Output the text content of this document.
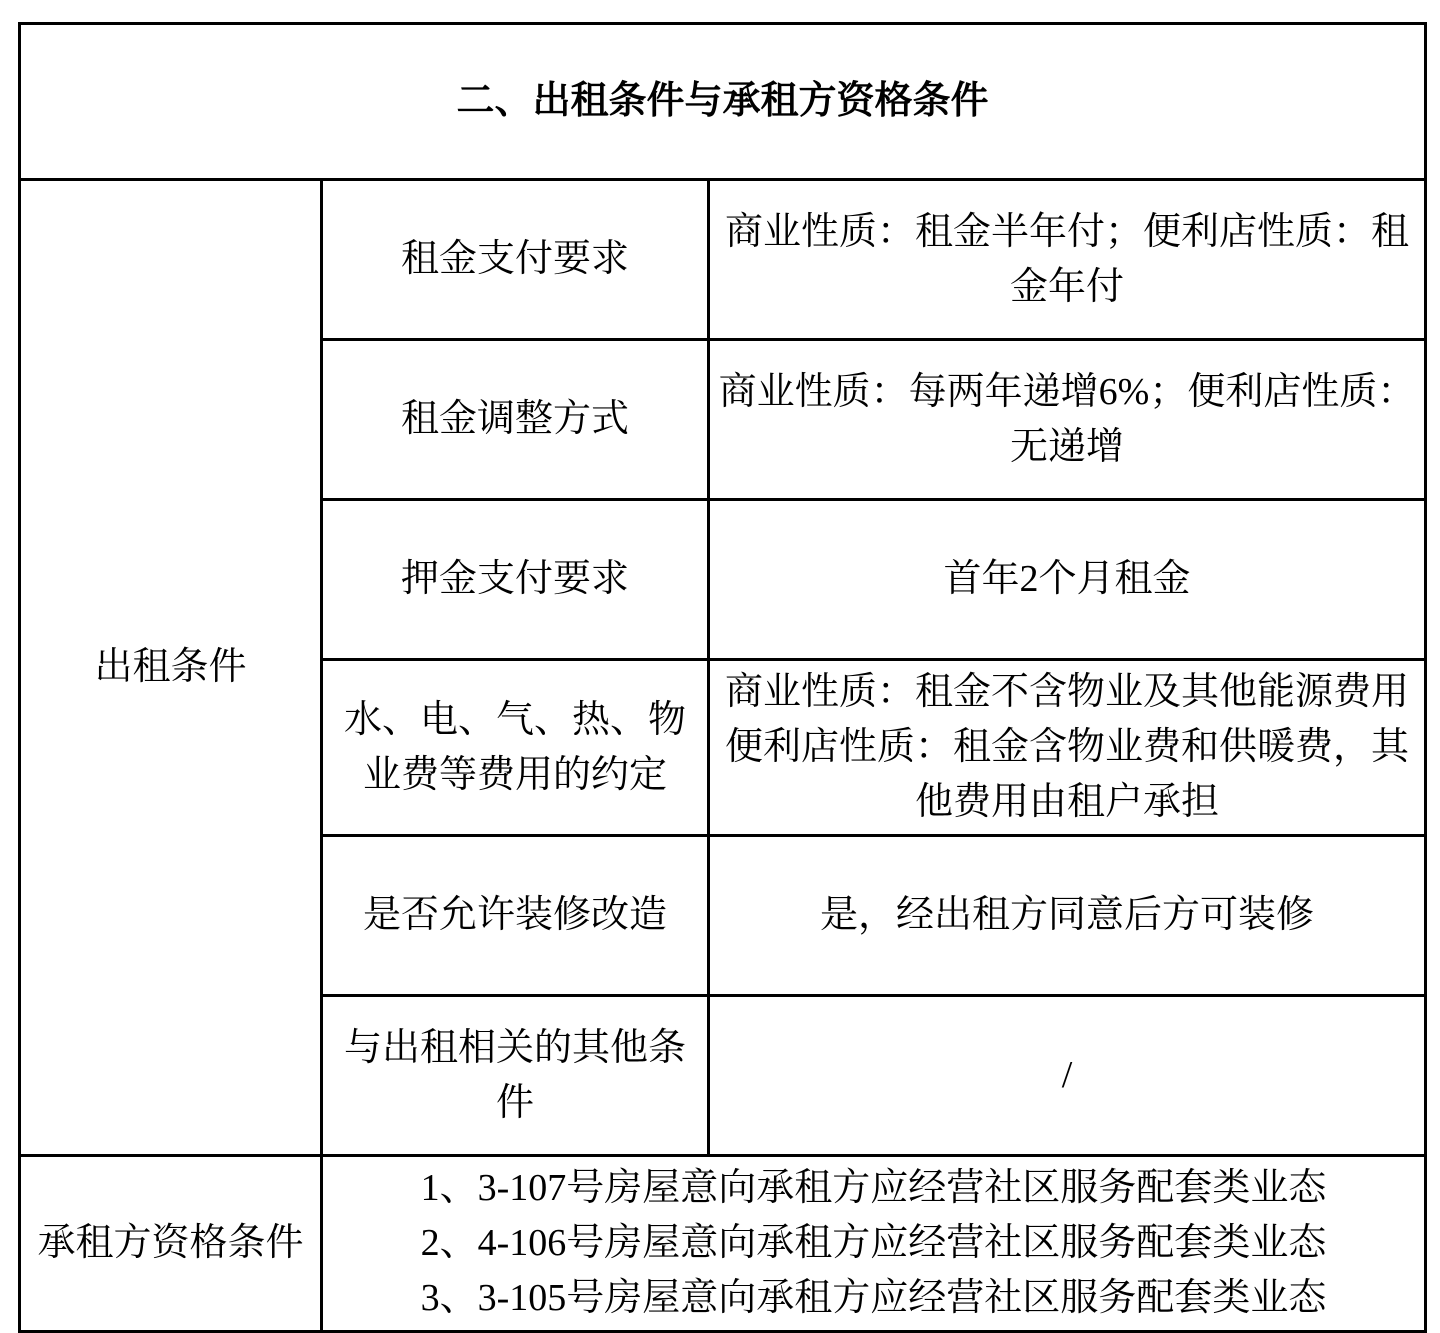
二、出租条件与承租方资格条件		
出租条件	租金支付要求	商业性质：租金半年付；便利店性质：租金年付
	租金调整方式	商业性质：每两年递增6%；便利店性质：无递增
	押金支付要求	首年2个月租金
	水、电、气、热、物业费等费用的约定	商业性质：租金不含物业及其他能源费用
便利店性质：租金含物业费和供暖费，其他费用由租户承担

	是否允许装修改造	是，经出租方同意后方可装修
	与出租相关的其他条件	/
承租方资格条件	1、3-107号房屋意向承租方应经营社区服务配套类业态
2、4-106号房屋意向承租方应经营社区服务配套类业态
3、3-105号房屋意向承租方应经营社区服务配套类业态	
